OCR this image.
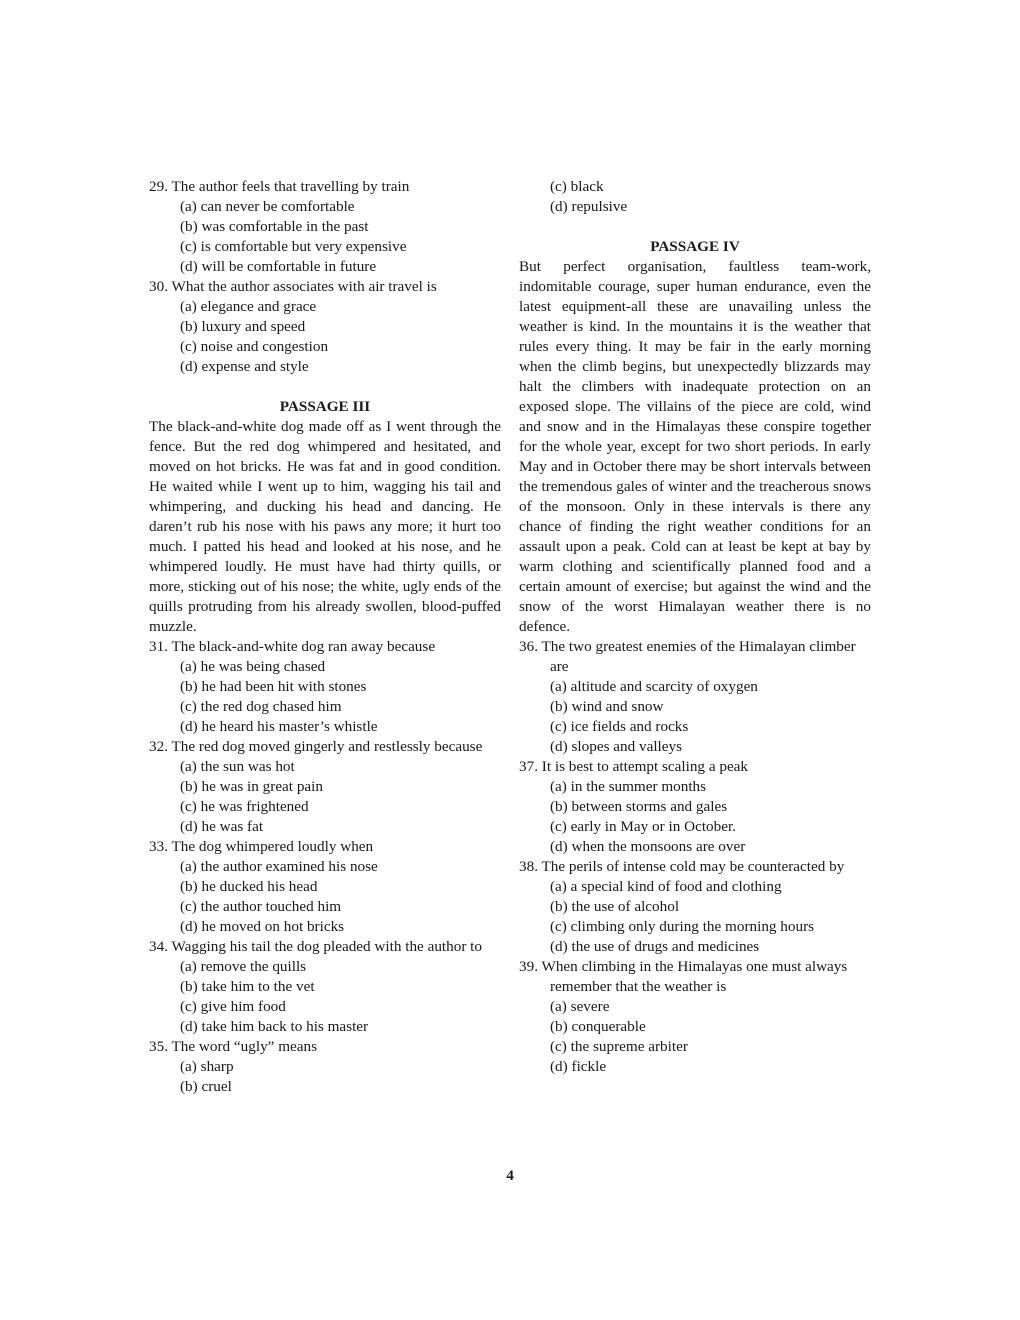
29. The author feels that travelling by train
(a) can never be comfortable
(b) was comfortable in the past
(c) is comfortable but very expensive
(d) will be comfortable in future
30. What the author associates with air travel is
(a) elegance and grace
(b) luxury and speed
(c) noise and congestion
(d) expense and style
PASSAGE III
The black-and-white dog made off as I went through the fence. But the red dog whimpered and hesitated, and moved on hot bricks. He was fat and in good condition. He waited while I went up to him, wagging his tail and whimpering, and ducking his head and dancing. He daren’t rub his nose with his paws any more; it hurt too much. I patted his head and looked at his nose, and he whimpered loudly. He must have had thirty quills, or more, sticking out of his nose; the white, ugly ends of the quills protruding from his already swollen, blood-puffed muzzle.
31. The black-and-white dog ran away because
(a) he was being chased
(b) he had been hit with stones
(c) the red dog chased him
(d) he heard his master’s whistle
32. The red dog moved gingerly and restlessly because
(a) the sun was hot
(b) he was in great pain
(c) he was frightened
(d) he was fat
33. The dog whimpered loudly when
(a) the author examined his nose
(b) he ducked his head
(c) the author touched him
(d) he moved on hot bricks
34. Wagging his tail the dog pleaded with the author to
(a) remove the quills
(b) take him to the vet
(c) give him food
(d) take him back to his master
35. The word “ugly” means
(a) sharp
(b) cruel
(c) black
(d) repulsive
PASSAGE IV
But perfect organisation, faultless team-work, indomitable courage, super human endurance, even the latest equipment-all these are unavailing unless the weather is kind. In the mountains it is the weather that rules every thing. It may be fair in the early morning when the climb begins, but unexpectedly blizzards may halt the climbers with inadequate protection on an exposed slope. The villains of the piece are cold, wind and snow and in the Himalayas these conspire together for the whole year, except for two short periods. In early May and in October there may be short intervals between the tremendous gales of winter and the treacherous snows of the monsoon. Only in these intervals is there any chance of finding the right weather conditions for an assault upon a peak. Cold can at least be kept at bay by warm clothing and scientifically planned food and a certain amount of exercise; but against the wind and the snow of the worst Himalayan weather there is no defence.
36. The two greatest enemies of the Himalayan climber are
(a) altitude and scarcity of oxygen
(b) wind and snow
(c) ice fields and rocks
(d) slopes and valleys
37. It is best to attempt scaling a peak
(a) in the summer months
(b) between storms and gales
(c) early in May or in October.
(d) when the monsoons are over
38. The perils of intense cold may be counteracted by
(a) a special kind of food and clothing
(b) the use of alcohol
(c) climbing only during the morning hours
(d) the use of drugs and medicines
39. When climbing in the Himalayas one must always remember that the weather is
(a) severe
(b) conquerable
(c) the supreme arbiter
(d) fickle
4
